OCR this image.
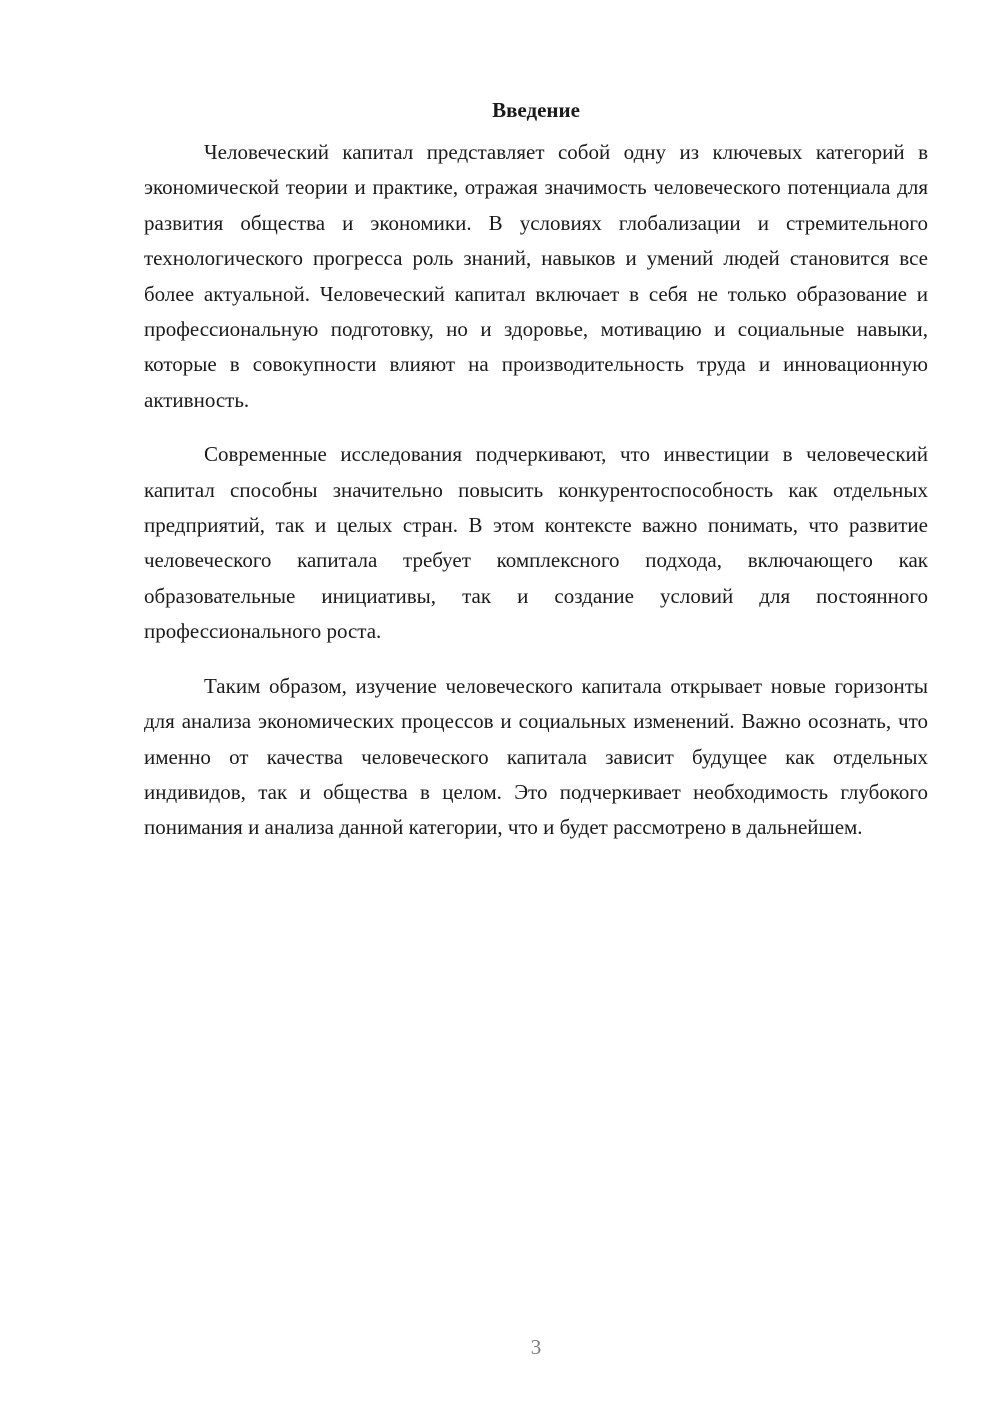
Введение

Человеческий капитал представляет собой одну из ключевых категорий в экономической теории и практике, отражая значимость человеческого потенциала для развития общества и экономики. В условиях глобализации и стремительного технологического прогресса роль знаний, навыков и умений людей становится все более актуальной. Человеческий капитал включает в себя не только образование и профессиональную подготовку, но и здоровье, мотивацию и социальные навыки, которые в совокупности влияют на производительность труда и инновационную активность.

Современные исследования подчеркивают, что инвестиции в человеческий капитал способны значительно повысить конкурентоспособность как отдельных предприятий, так и целых стран. В этом контексте важно понимать, что развитие человеческого капитала требует комплексного подхода, включающего как образовательные инициативы, так и создание условий для постоянного профессионального роста.

Таким образом, изучение человеческого капитала открывает новые горизонты для анализа экономических процессов и социальных изменений. Важно осознать, что именно от качества человеческого капитала зависит будущее как отдельных индивидов, так и общества в целом. Это подчеркивает необходимость глубокого понимания и анализа данной категории, что и будет рассмотрено в дальнейшем.

3
